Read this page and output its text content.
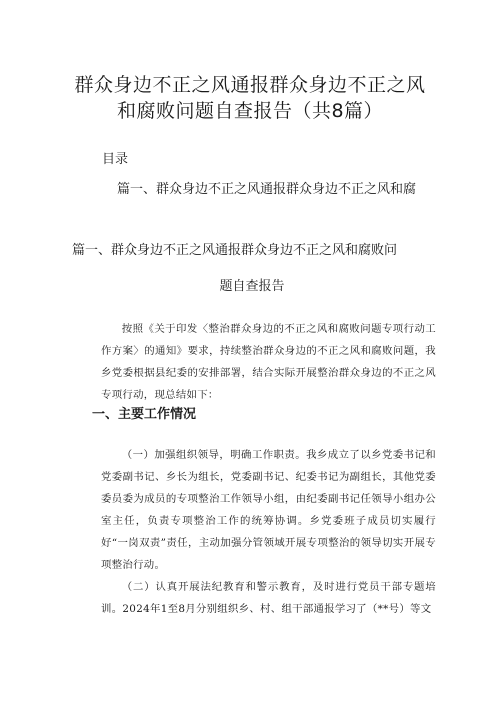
群众身边不正之风通报群众身边不正之风
和腐败问题自查报告（共8篇）
目录
篇一、群众身边不正之风通报群众身边不正之风和腐
篇一、群众身边不正之风通报群众身边不正之风和腐败问
题自查报告

按照《关于印发〈整治群众身边的不正之风和腐败问题专项行动工作方案〉的通知》要求，持续整治群众身边的不正之风和腐败问题，我乡党委根据县纪委的安排部署，结合实际开展整治群众身边的不正之风专项行动，现总结如下：

一、主要工作情况

（一）加强组织领导，明确工作职责。我乡成立了以乡党委书记和党委副书记、乡长为组长，党委副书记、纪委书记为副组长，其他党委委员委为成员的专项整治工作领导小组，由纪委副书记任领导小组办公室主任，负责专项整治工作的统筹协调。乡党委班子成员切实履行好“一岗双责”责任，主动加强分管领域开展专项整治的领导切实开展专项整治行动。

（二）认真开展法纪教育和警示教育，及时进行党员干部专题培训。2024年1至8月分别组织乡、村、组干部通报学习了（**号）等文
